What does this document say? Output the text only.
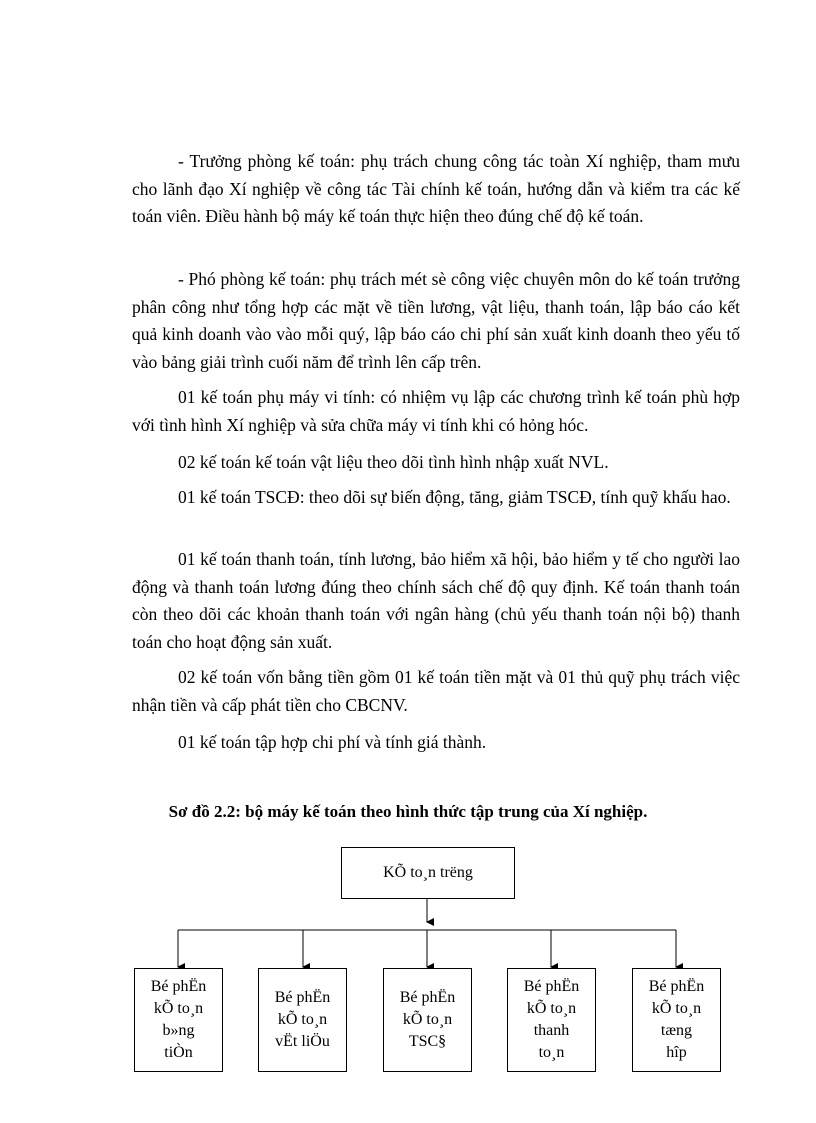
- Trưởng phòng kế toán: phụ trách chung công tác toàn Xí nghiệp, tham mưu cho lãnh đạo Xí nghiệp về công tác Tài chính kế toán, hướng dẫn và kiểm tra các kế toán viên. Điều hành bộ máy kế toán thực hiện theo đúng chế độ kế toán.

- Phó phòng kế toán: phụ trách mét sè công việc chuyên môn do kế toán trưởng phân công như tổng hợp các mặt về tiền lương, vật liệu, thanh toán, lập báo cáo kết quả kinh doanh vào vào mỗi quý, lập báo cáo chi phí sản xuất kinh doanh theo yếu tố vào bảng giải trình cuối năm để trình lên cấp trên.

01 kế toán phụ máy vi tính: có nhiệm vụ lập các chương trình kế toán phù hợp với tình hình Xí nghiệp và sửa chữa máy vi tính khi có hỏng hóc.

02 kế toán kế toán vật liệu theo dõi tình hình nhập xuất NVL.

01 kế toán TSCĐ: theo dõi sự biến động, tăng, giảm TSCĐ, tính quỹ khấu hao.

01 kế toán thanh toán, tính lương, bảo hiểm xã hội, bảo hiểm y tế cho người lao động và thanh toán lương đúng theo chính sách chế độ quy định. Kế toán thanh toán còn theo dõi các khoản thanh toán với ngân hàng (chủ yếu thanh toán nội bộ) thanh toán cho hoạt động sản xuất.

02 kế toán vốn bằng tiền gồm 01 kế toán tiền mặt và 01 thủ quỹ phụ trách việc nhận tiền và cấp phát tiền cho CBCNV.

01 kế toán tập hợp chi phí và tính giá thành.

Sơ đồ 2.2: bộ máy kế toán theo hình thức tập trung của Xí nghiệp.

KÕ to¸n trëng
Bé phËn
kÕ to¸n
b»ng
tiÒn
Bé phËn
kÕ to¸n
vËt liÖu
Bé phËn
kÕ to¸n
TSC§
Bé phËn
kÕ to¸n
thanh
to¸n
Bé phËn
kÕ to¸n
tæng
hîp
